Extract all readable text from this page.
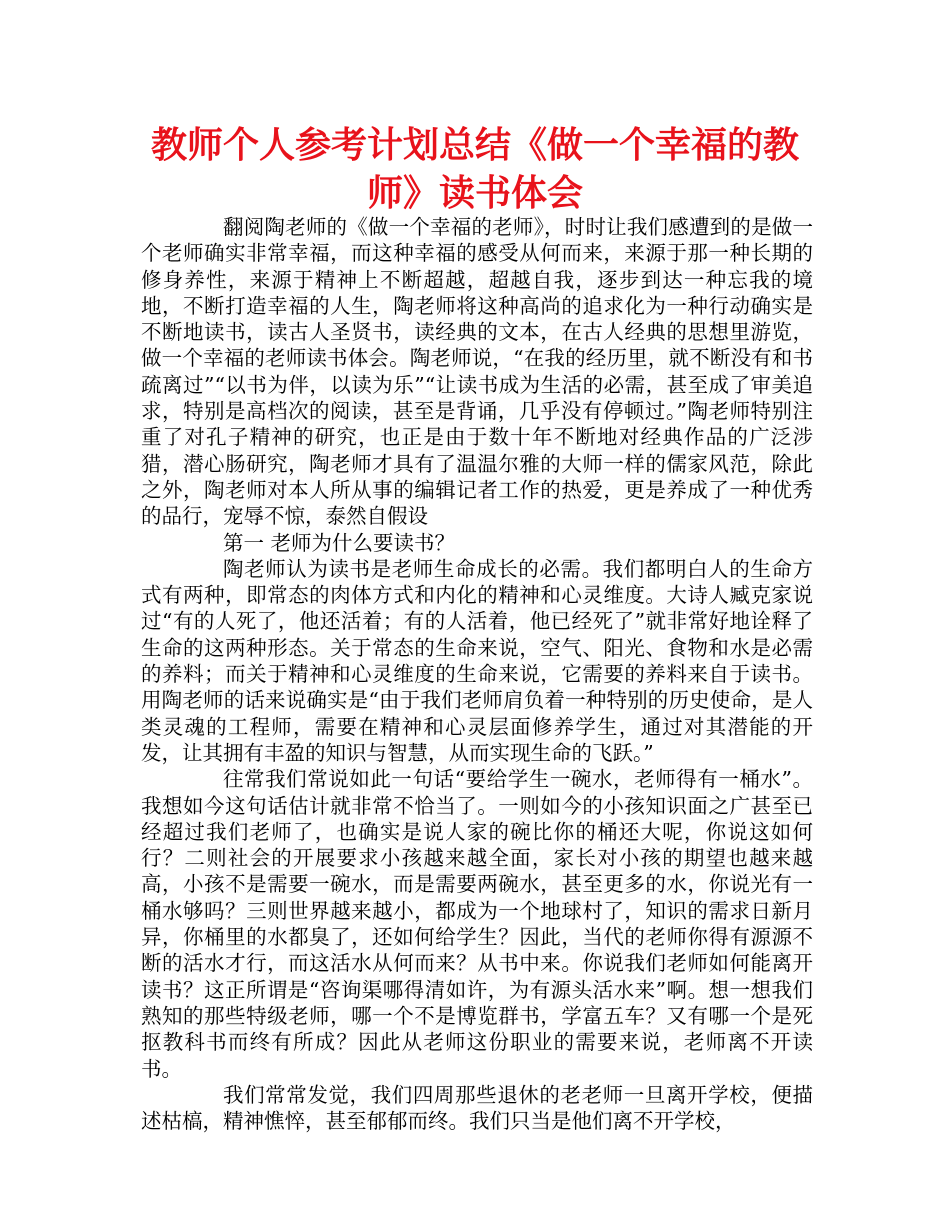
教师个人参考计划总结《做一个幸福的教师》读书体会

翻阅陶老师的《做一个幸福的老师》，时时让我们感遭到的是做一个老师确实非常幸福，而这种幸福的感受从何而来，来源于那一种长期的修身养性，来源于精神上不断超越，超越自我，逐步到达一种忘我的境地，不断打造幸福的人生，陶老师将这种高尚的追求化为一种行动确实是不断地读书，读古人圣贤书，读经典的文本，在古人经典的思想里游览，做一个幸福的老师读书体会。陶老师说，“在我的经历里，就不断没有和书疏离过”“以书为伴，以读为乐”“让读书成为生活的必需，甚至成了审美追求，特别是高档次的阅读，甚至是背诵，几乎没有停顿过。”陶老师特别注重了对孔子精神的研究，也正是由于数十年不断地对经典作品的广泛涉猎，潜心肠研究，陶老师才具有了温温尔雅的大师一样的儒家风范，除此之外，陶老师对本人所从事的编辑记者工作的热爱，更是养成了一种优秀的品行，宠辱不惊，泰然自假设

第一 老师为什么要读书？

陶老师认为读书是老师生命成长的必需。我们都明白人的生命方式有两种，即常态的肉体方式和内化的精神和心灵维度。大诗人臧克家说过“有的人死了，他还活着；有的人活着，他已经死了”就非常好地诠释了生命的这两种形态。关于常态的生命来说，空气、阳光、食物和水是必需的养料；而关于精神和心灵维度的生命来说，它需要的养料来自于读书。用陶老师的话来说确实是“由于我们老师肩负着一种特别的历史使命，是人类灵魂的工程师，需要在精神和心灵层面修养学生，通过对其潜能的开发，让其拥有丰盈的知识与智慧，从而实现生命的飞跃。”

往常我们常说如此一句话“要给学生一碗水，老师得有一桶水”。我想如今这句话估计就非常不恰当了。一则如今的小孩知识面之广甚至已经超过我们老师了，也确实是说人家的碗比你的桶还大呢，你说这如何行？二则社会的开展要求小孩越来越全面，家长对小孩的期望也越来越高，小孩不是需要一碗水，而是需要两碗水，甚至更多的水，你说光有一桶水够吗？三则世界越来越小，都成为一个地球村了，知识的需求日新月异，你桶里的水都臭了，还如何给学生？因此，当代的老师你得有源源不断的活水才行，而这活水从何而来？从书中来。你说我们老师如何能离开读书？这正所谓是“咨询渠哪得清如许，为有源头活水来”啊。想一想我们熟知的那些特级老师，哪一个不是博览群书，学富五车？又有哪一个是死抠教科书而终有所成？因此从老师这份职业的需要来说，老师离不开读书。

我们常常发觉，我们四周那些退休的老老师一旦离开学校，便描述枯槁，精神憔悴，甚至郁郁而终。我们只当是他们离不开学校，
